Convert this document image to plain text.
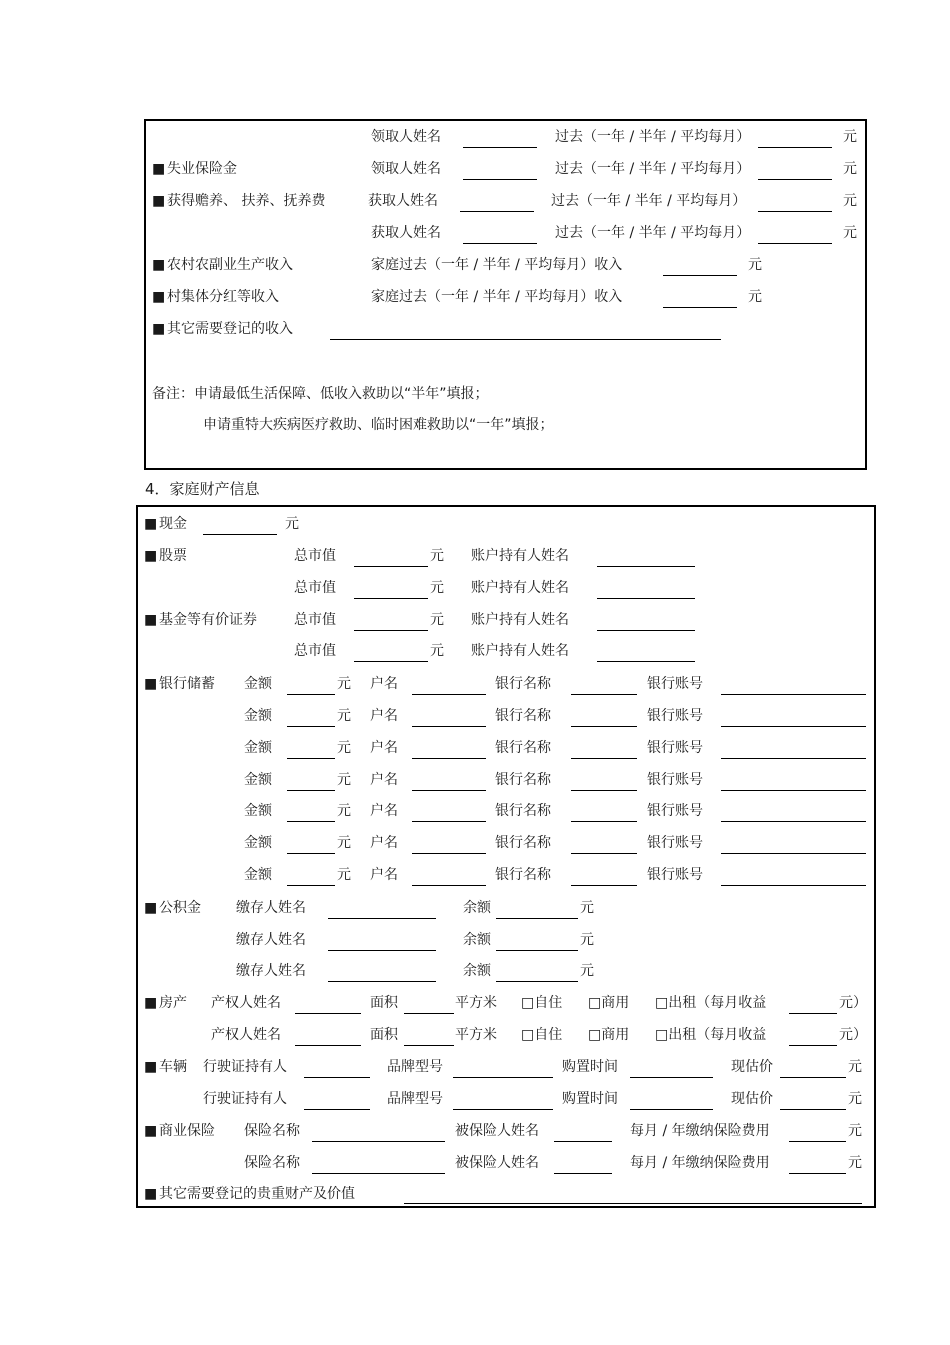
领取人姓名	过去（一年 / 半年 / 平均每月）	元
■ 失业保险金	领取人姓名	过去（一年 / 半年 / 平均每月）	元
■ 获得赡养、 扶养、抚养费	获取人姓名	过去（一年 / 半年 / 平均每月）	元
获取人姓名	过去（一年 / 半年 / 平均每月）	元
■ 农村农副业生产收入	家庭过去（一年 / 半年 / 平均每月）收入	元
■ 村集体分红等收入	家庭过去（一年 / 半年 / 平均每月）收入	元
■ 其它需要登记的收入
备注：申请最低生活保障、低收入救助以“半年”填报；
申请重特大疾病医疗救助、临时困难救助以“一年”填报；
4．家庭财产信息
■ 现金	元
■ 股票	总市值	元 账户持有人姓名
总市值	元 账户持有人姓名
■ 基金等有价证券	总市值	元 账户持有人姓名
总市值	元 账户持有人姓名
■ 银行储蓄 金额	元 户名	银行名称	银行账号
金额	元 户名	银行名称	银行账号
金额	元 户名	银行名称	银行账号
金额	元 户名	银行名称	银行账号
金额	元 户名	银行名称	银行账号
金额	元 户名	银行名称	银行账号
金额	元 户名	银行名称	银行账号
■ 公积金	缴存人姓名	余额	元
缴存人姓名	余额	元
缴存人姓名	余额	元
■ 房产 产权人姓名	面积	平方米 □自住 □商用 □出租（每月收益	元）
产权人姓名	面积	平方米 □自住 □商用 □出租（每月收益	元）
■ 车辆 行驶证持有人	品牌型号	购置时间	现估价	元
行驶证持有人	品牌型号	购置时间	现估价	元
■ 商业保险 保险名称	被保险人姓名	每月 / 年缴纳保险费用	元
保险名称	被保险人姓名	每月 / 年缴纳保险费用	元
■ 其它需要登记的贵重财产及价值
